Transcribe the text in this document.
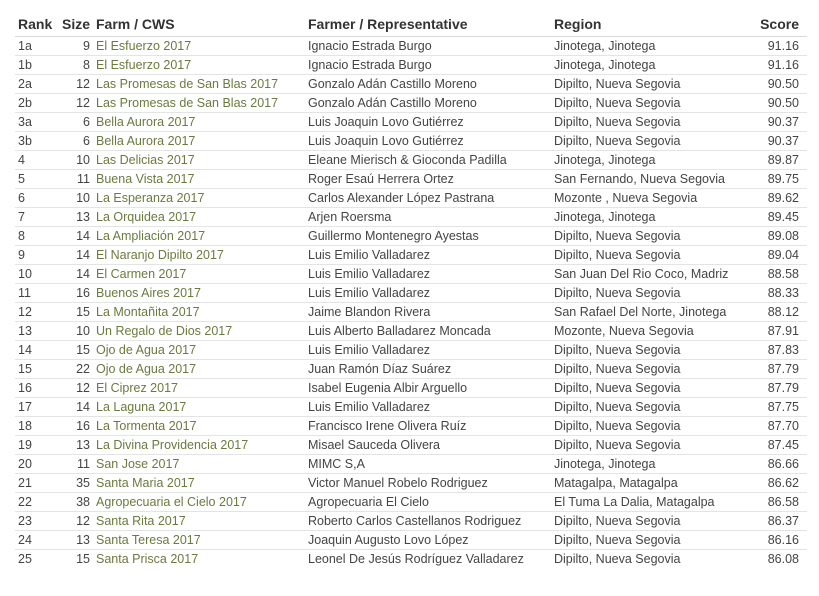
Rank	Size	Farm / CWS	Farmer / Representative	Region	Score
1a	9	El Esfuerzo 2017	Ignacio Estrada Burgo	Jinotega, Jinotega	91.16
1b	8	El Esfuerzo 2017	Ignacio Estrada Burgo	Jinotega, Jinotega	91.16
2a	12	Las Promesas de San Blas 2017	Gonzalo Adán Castillo Moreno	Dipilto, Nueva Segovia	90.50
2b	12	Las Promesas de San Blas 2017	Gonzalo Adán Castillo Moreno	Dipilto, Nueva Segovia	90.50
3a	6	Bella Aurora 2017	Luis Joaquin Lovo Gutiérrez	Dipilto, Nueva Segovia	90.37
3b	6	Bella Aurora 2017	Luis Joaquin Lovo Gutiérrez	Dipilto, Nueva Segovia	90.37
4	10	Las Delicias 2017	Eleane Mierisch & Gioconda Padilla	Jinotega, Jinotega	89.87
5	11	Buena Vista 2017	Roger Esaú Herrera Ortez	San Fernando, Nueva Segovia	89.75
6	10	La Esperanza 2017	Carlos Alexander López Pastrana	Mozonte , Nueva Segovia	89.62
7	13	La Orquidea 2017	Arjen Roersma	Jinotega, Jinotega	89.45
8	14	La Ampliación 2017	Guillermo Montenegro Ayestas	Dipilto, Nueva Segovia	89.08
9	14	El Naranjo Dipilto 2017	Luis Emilio Valladarez	Dipilto, Nueva Segovia	89.04
10	14	El Carmen 2017	Luis Emilio Valladarez	San Juan Del Rio Coco, Madriz	88.58
11	16	Buenos Aires 2017	Luis Emilio Valladarez	Dipilto, Nueva Segovia	88.33
12	15	La Montañita 2017	Jaime Blandon Rivera	San Rafael Del Norte, Jinotega	88.12
13	10	Un Regalo de Dios 2017	Luis Alberto Balladarez Moncada	Mozonte, Nueva Segovia	87.91
14	15	Ojo de Agua 2017	Luis Emilio Valladarez	Dipilto, Nueva Segovia	87.83
15	22	Ojo de Agua 2017	Juan Ramón Díaz Suárez	Dipilto, Nueva Segovia	87.79
16	12	El Ciprez 2017	Isabel Eugenia Albir Arguello	Dipilto, Nueva Segovia	87.79
17	14	La Laguna 2017	Luis Emilio Valladarez	Dipilto, Nueva Segovia	87.75
18	16	La Tormenta 2017	Francisco Irene Olivera Ruíz	Dipilto, Nueva Segovia	87.70
19	13	La Divina Providencia 2017	Misael Sauceda Olivera	Dipilto, Nueva Segovia	87.45
20	11	San Jose 2017	MIMC S,A	Jinotega, Jinotega	86.66
21	35	Santa Maria 2017	Victor Manuel Robelo Rodriguez	Matagalpa, Matagalpa	86.62
22	38	Agropecuaria el Cielo 2017	Agropecuaria El Cielo	El Tuma La Dalia, Matagalpa	86.58
23	12	Santa Rita 2017	Roberto Carlos Castellanos Rodriguez	Dipilto, Nueva Segovia	86.37
24	13	Santa Teresa 2017	Joaquin Augusto Lovo López	Dipilto, Nueva Segovia	86.16
25	15	Santa Prisca 2017	Leonel De Jesús Rodríguez Valladarez	Dipilto, Nueva Segovia	86.08
